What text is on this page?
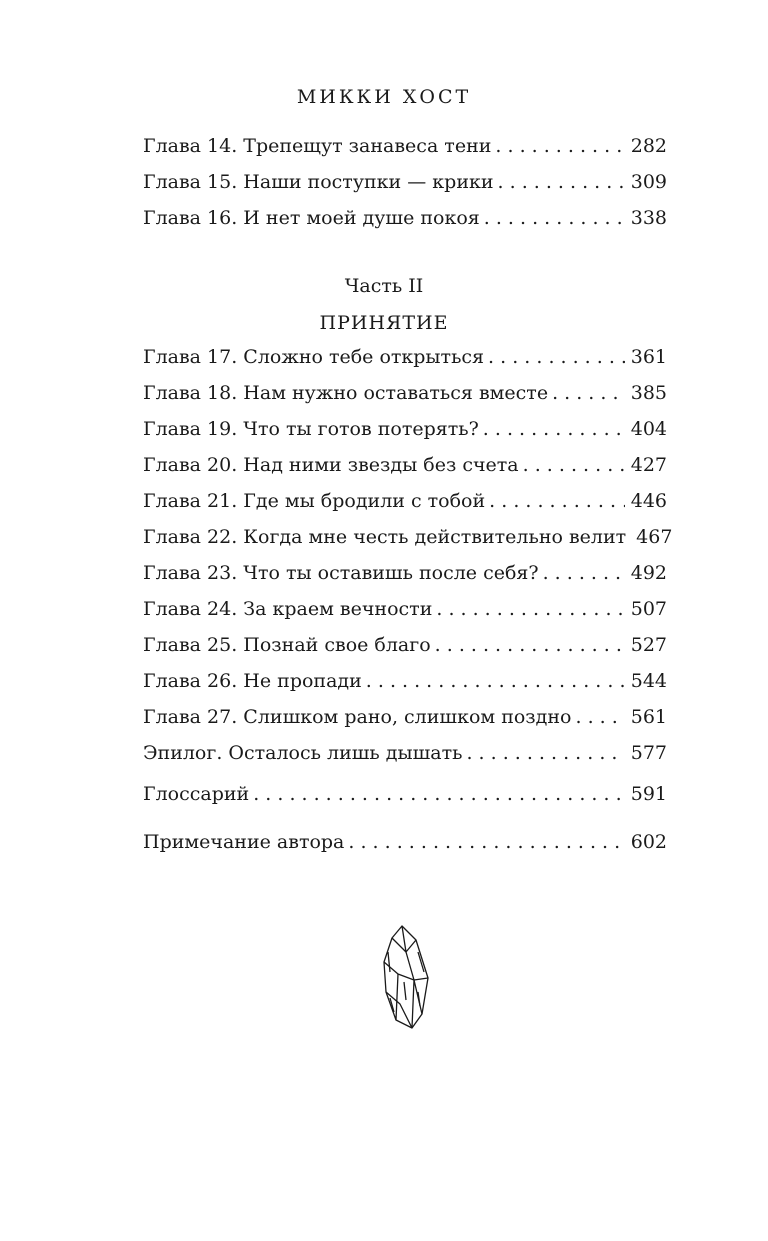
МИККИ ХОСТ
Глава 14. Трепещут занавеса тени . . .	282
Глава 15. Наши поступки — крики . . .	309
Глава 16. И нет моей душе покоя . . .	338
Часть II
ПРИНЯТИЕ
Глава 17. Сложно тебе открыться . . .	361
Глава 18. Нам нужно оставаться вместе . . .	385
Глава 19. Что ты готов потерять? . . .	404
Глава 20. Над ними звезды без счета . . .	427
Глава 21. Где мы бродили с тобой . . .	446
Глава 22. Когда мне честь действительно велит 467
Глава 23. Что ты оставишь после себя? . . .	492
Глава 24. За краем вечности . . .	507
Глава 25. Познай свое благо . . .	527
Глава 26. Не пропади . . .	544
Глава 27. Слишком рано, слишком поздно . . .	561
Эпилог. Осталось лишь дышать . . .	577
Глоссарий . . .	591
Примечание автора . . .	602
